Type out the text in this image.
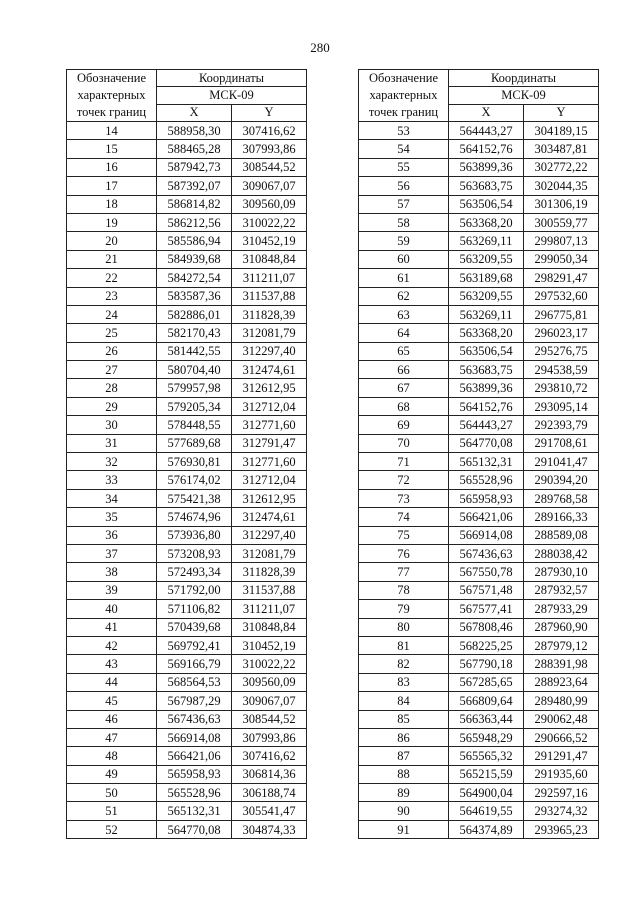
280
Обозначение
характерных
точек границ	Координаты	
	МСК-09	
	X	Y
14	588958,30	307416,62
15	588465,28	307993,86
16	587942,73	308544,52
17	587392,07	309067,07
18	586814,82	309560,09
19	586212,56	310022,22
20	585586,94	310452,19
21	584939,68	310848,84
22	584272,54	311211,07
23	583587,36	311537,88
24	582886,01	311828,39
25	582170,43	312081,79
26	581442,55	312297,40
27	580704,40	312474,61
28	579957,98	312612,95
29	579205,34	312712,04
30	578448,55	312771,60
31	577689,68	312791,47
32	576930,81	312771,60
33	576174,02	312712,04
34	575421,38	312612,95
35	574674,96	312474,61
36	573936,80	312297,40
37	573208,93	312081,79
38	572493,34	311828,39
39	571792,00	311537,88
40	571106,82	311211,07
41	570439,68	310848,84
42	569792,41	310452,19
43	569166,79	310022,22
44	568564,53	309560,09
45	567987,29	309067,07
46	567436,63	308544,52
47	566914,08	307993,86
48	566421,06	307416,62
49	565958,93	306814,36
50	565528,96	306188,74
51	565132,31	305541,47
52	564770,08	304874,33
Обозначение
характерных
точек границ	Координаты	
	МСК-09	
	X	Y
53	564443,27	304189,15
54	564152,76	303487,81
55	563899,36	302772,22
56	563683,75	302044,35
57	563506,54	301306,19
58	563368,20	300559,77
59	563269,11	299807,13
60	563209,55	299050,34
61	563189,68	298291,47
62	563209,55	297532,60
63	563269,11	296775,81
64	563368,20	296023,17
65	563506,54	295276,75
66	563683,75	294538,59
67	563899,36	293810,72
68	564152,76	293095,14
69	564443,27	292393,79
70	564770,08	291708,61
71	565132,31	291041,47
72	565528,96	290394,20
73	565958,93	289768,58
74	566421,06	289166,33
75	566914,08	288589,08
76	567436,63	288038,42
77	567550,78	287930,10
78	567571,48	287932,57
79	567577,41	287933,29
80	567808,46	287960,90
81	568225,25	287979,12
82	567790,18	288391,98
83	567285,65	288923,64
84	566809,64	289480,99
85	566363,44	290062,48
86	565948,29	290666,52
87	565565,32	291291,47
88	565215,59	291935,60
89	564900,04	292597,16
90	564619,55	293274,32
91	564374,89	293965,23
